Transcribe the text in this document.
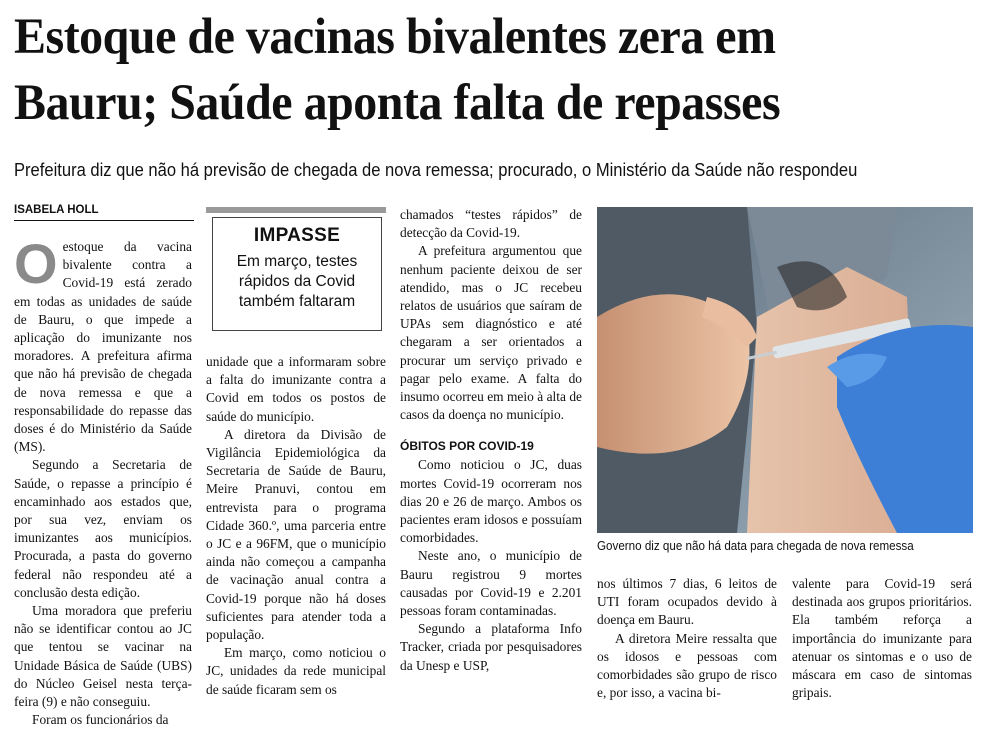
Estoque de vacinas bivalentes zera em
Bauru; Saúde aponta falta de repasses

Prefeitura diz que não há previsão de chegada de nova remessa; procurado, o Ministério da Saúde não respondeu

ISABELA HOLL

Oestoque da vacina bivalente contra a Covid-19 está zerado em todas as unidades de saúde de Bauru, o que impede a aplicação do imunizante nos moradores. A prefeitura afirma que não há previsão de chegada de nova remessa e que a responsabilidade do repasse das doses é do Ministério da Saúde (MS).

Segundo a Secretaria de Saúde, o repasse a princípio é encaminhado aos estados que, por sua vez, enviam os imunizantes aos municípios. Procurada, a pasta do governo federal não respondeu até a conclusão desta edição.

Uma moradora que preferiu não se identificar contou ao JC que tentou se vacinar na Unidade Básica de Saúde (UBS) do Núcleo Geisel nesta terça-feira (9) e não conseguiu.

Foram os funcionários da

IMPASSE
Em março, testes rápidos da Covid também faltaram

unidade que a informaram sobre a falta do imunizante contra a Covid em todos os postos de saúde do município.

A diretora da Divisão de Vigilância Epidemiológica da Secretaria de Saúde de Bauru, Meire Pranuvi, contou em entrevista para o programa Cidade 360.º, uma parceria entre o JC e a 96FM, que o município ainda não começou a campanha de vacinação anual contra a Covid-19 porque não há doses suficientes para atender toda a população.

Em março, como noticiou o JC, unidades da rede municipal de saúde ficaram sem os

chamados “testes rápidos” de detecção da Covid-19.

A prefeitura argumentou que nenhum paciente deixou de ser atendido, mas o JC recebeu relatos de usuários que saíram de UPAs sem diagnóstico e até chegaram a ser orientados a procurar um serviço privado e pagar pelo exame. A falta do insumo ocorreu em meio à alta de casos da doença no município.

ÓBITOS POR COVID-19

Como noticiou o JC, duas mortes Covid-19 ocorreram nos dias 20 e 26 de março. Ambos os pacientes eram idosos e possuíam comorbidades.

Neste ano, o município de Bauru registrou 9 mortes causadas por Covid-19 e 2.201 pessoas foram contaminadas.

Segundo a plataforma Info Tracker, criada por pesquisadores da Unesp e USP,

Governo diz que não há data para chegada de nova remessa

nos últimos 7 dias, 6 leitos de UTI foram ocupados devido à doença em Bauru.

A diretora Meire ressalta que os idosos e pessoas com comorbidades são grupo de risco e, por isso, a vacina bi-

valente para Covid-19 será destinada aos grupos prioritários. Ela também reforça a importância do imunizante para atenuar os sintomas e o uso de máscara em caso de sintomas gripais.
